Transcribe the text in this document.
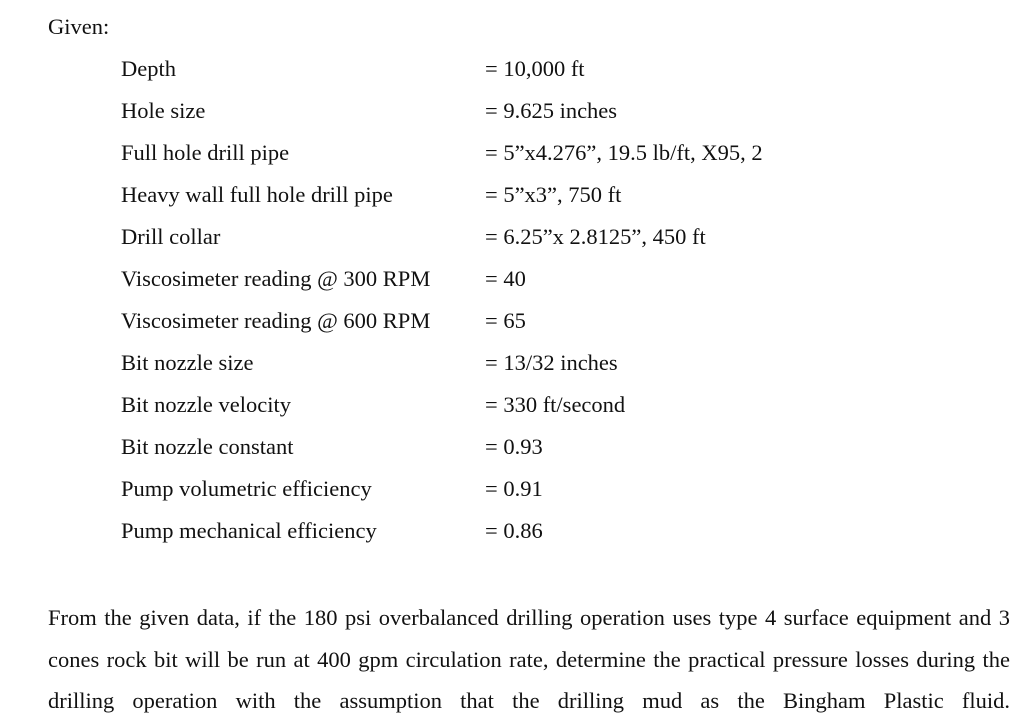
Given:
Depth	= 10,000 ft
Hole size	= 9.625 inches
Full hole drill pipe	= 5”x4.276”, 19.5 lb/ft, X95, 2
Heavy wall full hole drill pipe	= 5”x3”, 750 ft
Drill collar	= 6.25”x 2.8125”, 450 ft
Viscosimeter reading @ 300 RPM = 40
Viscosimeter reading @ 600 RPM = 65
Bit nozzle size	= 13/32 inches
Bit nozzle velocity	= 330 ft/second
Bit nozzle constant	= 0.93
Pump volumetric efficiency	= 0.91
Pump mechanical efficiency	= 0.86

From the given data, if the 180 psi overbalanced drilling operation uses type 4 surface equipment and 3 cones rock bit will be run at 400 gpm circulation rate, determine the practical pressure losses during the drilling operation with the assumption that the drilling mud as the Bingham Plastic fluid.
